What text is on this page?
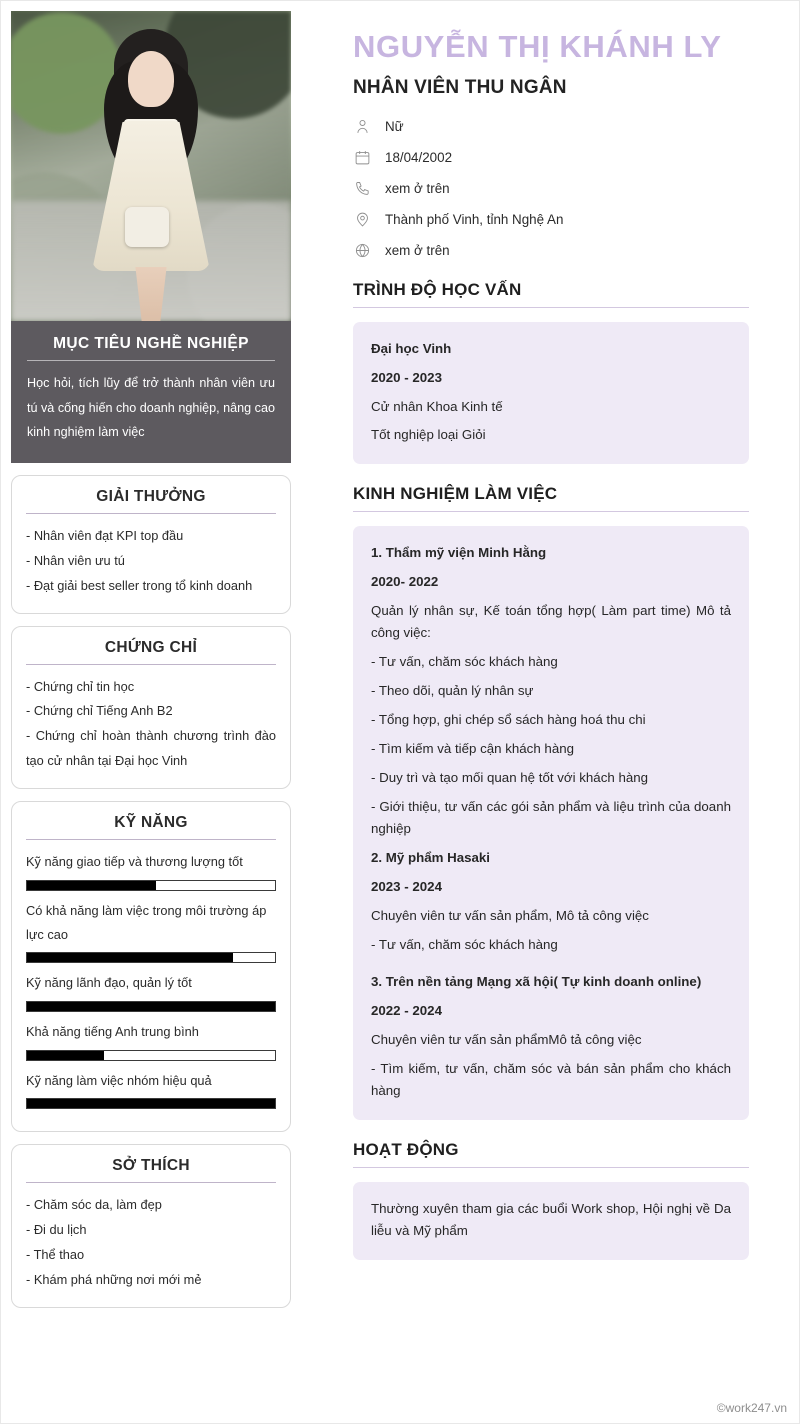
MỤC TIÊU NGHỀ NGHIỆP
Học hỏi, tích lũy để trở thành nhân viên ưu tú và cống hiến cho doanh nghiệp, nâng cao kinh nghiệm làm việc
GIẢI THƯỞNG
- Nhân viên đạt KPI top đầu
- Nhân viên ưu tú
- Đạt giải best seller trong tổ kinh doanh
CHỨNG CHỈ
- Chứng chỉ tin học
- Chứng chỉ Tiếng Anh B2
- Chứng chỉ hoàn thành chương trình đào tạo cử nhân tại Đại học Vinh
KỸ NĂNG
Kỹ năng giao tiếp và thương lượng tốt
Có khả năng làm việc trong môi trường áp lực cao
Kỹ năng lãnh đạo, quản lý tốt
Khả năng tiếng Anh trung bình
Kỹ năng làm việc nhóm hiệu quả
SỞ THÍCH
- Chăm sóc da, làm đẹp
- Đi du lịch
- Thể thao
- Khám phá những nơi mới mẻ
NGUYỄN THỊ KHÁNH LY
NHÂN VIÊN THU NGÂN
Nữ
18/04/2002
xem ở trên
Thành phố Vinh, tỉnh Nghệ An
xem ở trên
TRÌNH ĐỘ HỌC VẤN

Đại học Vinh

2020 - 2023

Cử nhân Khoa Kinh tế

Tốt nghiệp loại Giỏi

KINH NGHIỆM LÀM VIỆC

1. Thẩm mỹ viện Minh Hằng

2020- 2022

Quản lý nhân sự, Kế toán tổng hợp( Làm part time) Mô tả công việc:

- Tư vấn, chăm sóc khách hàng

- Theo dõi, quản lý nhân sự

- Tổng hợp, ghi chép sổ sách hàng hoá thu chi

- Tìm kiếm và tiếp cận khách hàng

- Duy trì và tạo mối quan hệ tốt với khách hàng

- Giới thiệu, tư vấn các gói sản phẩm và liệu trình của doanh nghiệp

2. Mỹ phẩm Hasaki

2023 - 2024

Chuyên viên tư vấn sản phẩm, Mô tả công việc

- Tư vấn, chăm sóc khách hàng

3. Trên nền tảng Mạng xã hội( Tự kinh doanh online)

2022 - 2024

Chuyên viên tư vấn sản phẩmMô tả công việc

- Tìm kiếm, tư vấn, chăm sóc và bán sản phẩm cho khách hàng

HOẠT ĐỘNG

Thường xuyên tham gia các buổi Work shop, Hội nghị về Da liễu và Mỹ phẩm

©work247.vn
